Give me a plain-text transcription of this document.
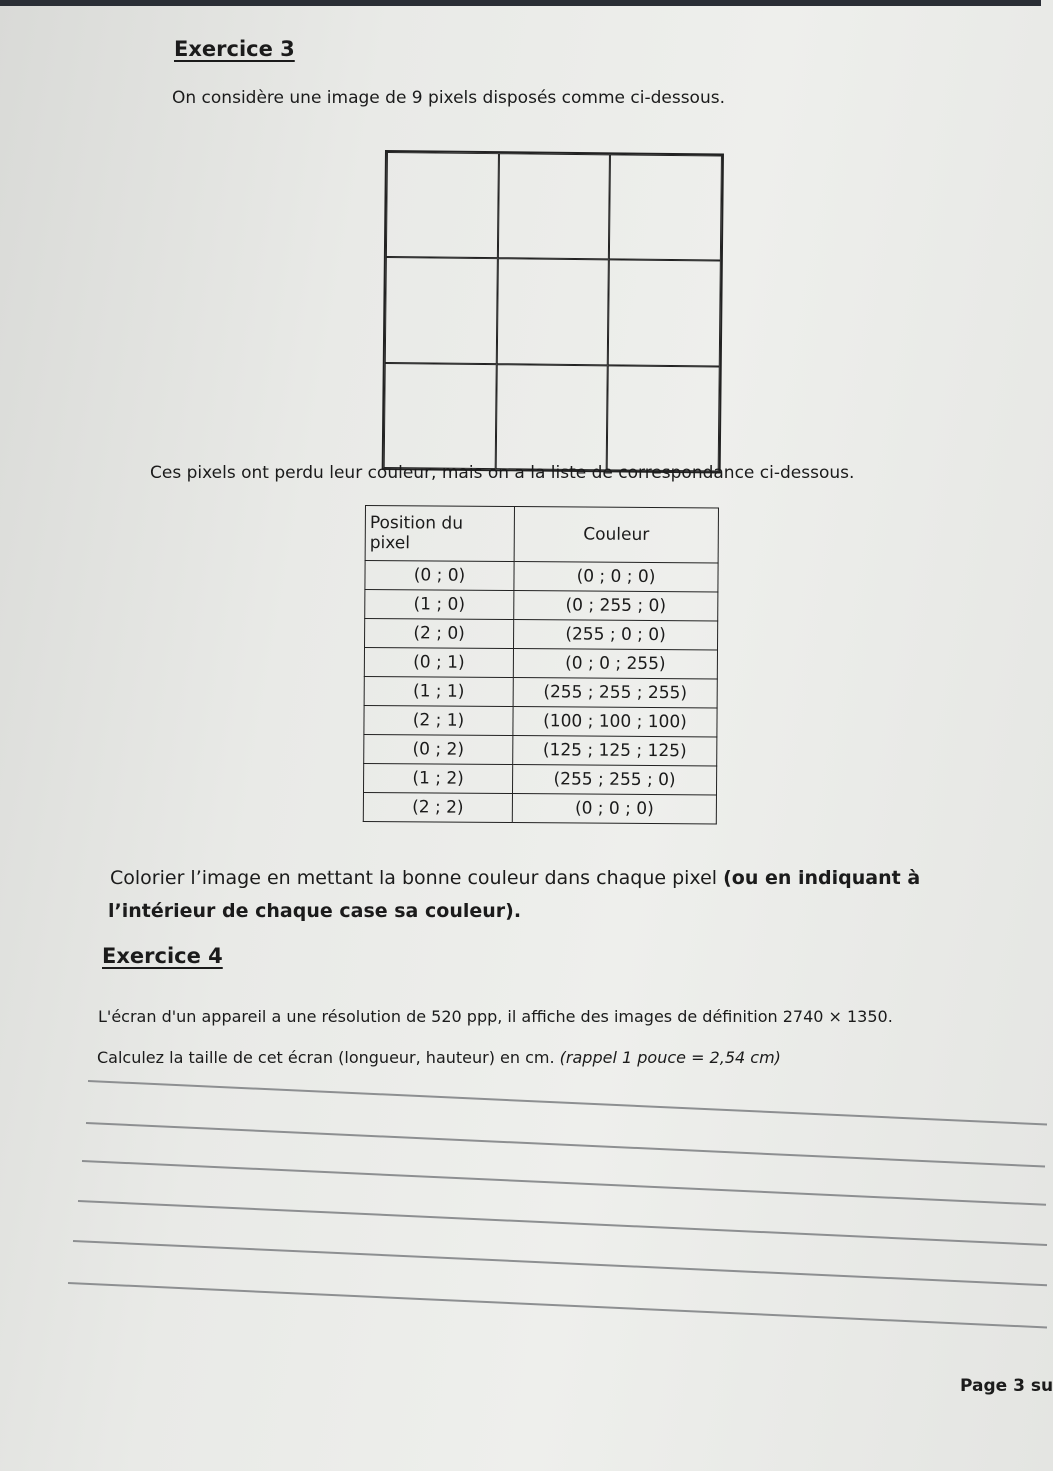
Exercice 3
On considère une image de 9 pixels disposés comme ci-dessous.
Ces pixels ont perdu leur couleur, mais on a la liste de correspondance ci-dessous.
Position du
pixel	Couleur
(0 ; 0)	(0 ; 0 ; 0)
(1 ; 0)	(0 ; 255 ; 0)
(2 ; 0)	(255 ; 0 ; 0)
(0 ; 1)	(0 ; 0 ; 255)
(1 ; 1)	(255 ; 255 ; 255)
(2 ; 1)	(100 ; 100 ; 100)
(0 ; 2)	(125 ; 125 ; 125)
(1 ; 2)	(255 ; 255 ; 0)
(2 ; 2)	(0 ; 0 ; 0)
Colorier l’image en mettant la bonne couleur dans chaque pixel (ou en indiquant à
l’intérieur de chaque case sa couleur).
Exercice 4
L'écran d'un appareil a une résolution de 520 ppp, il affiche des images de définition 2740 × 1350.
Calculez la taille de cet écran (longueur, hauteur) en cm. (rappel 1 pouce = 2,54 cm)
Page 3 su
